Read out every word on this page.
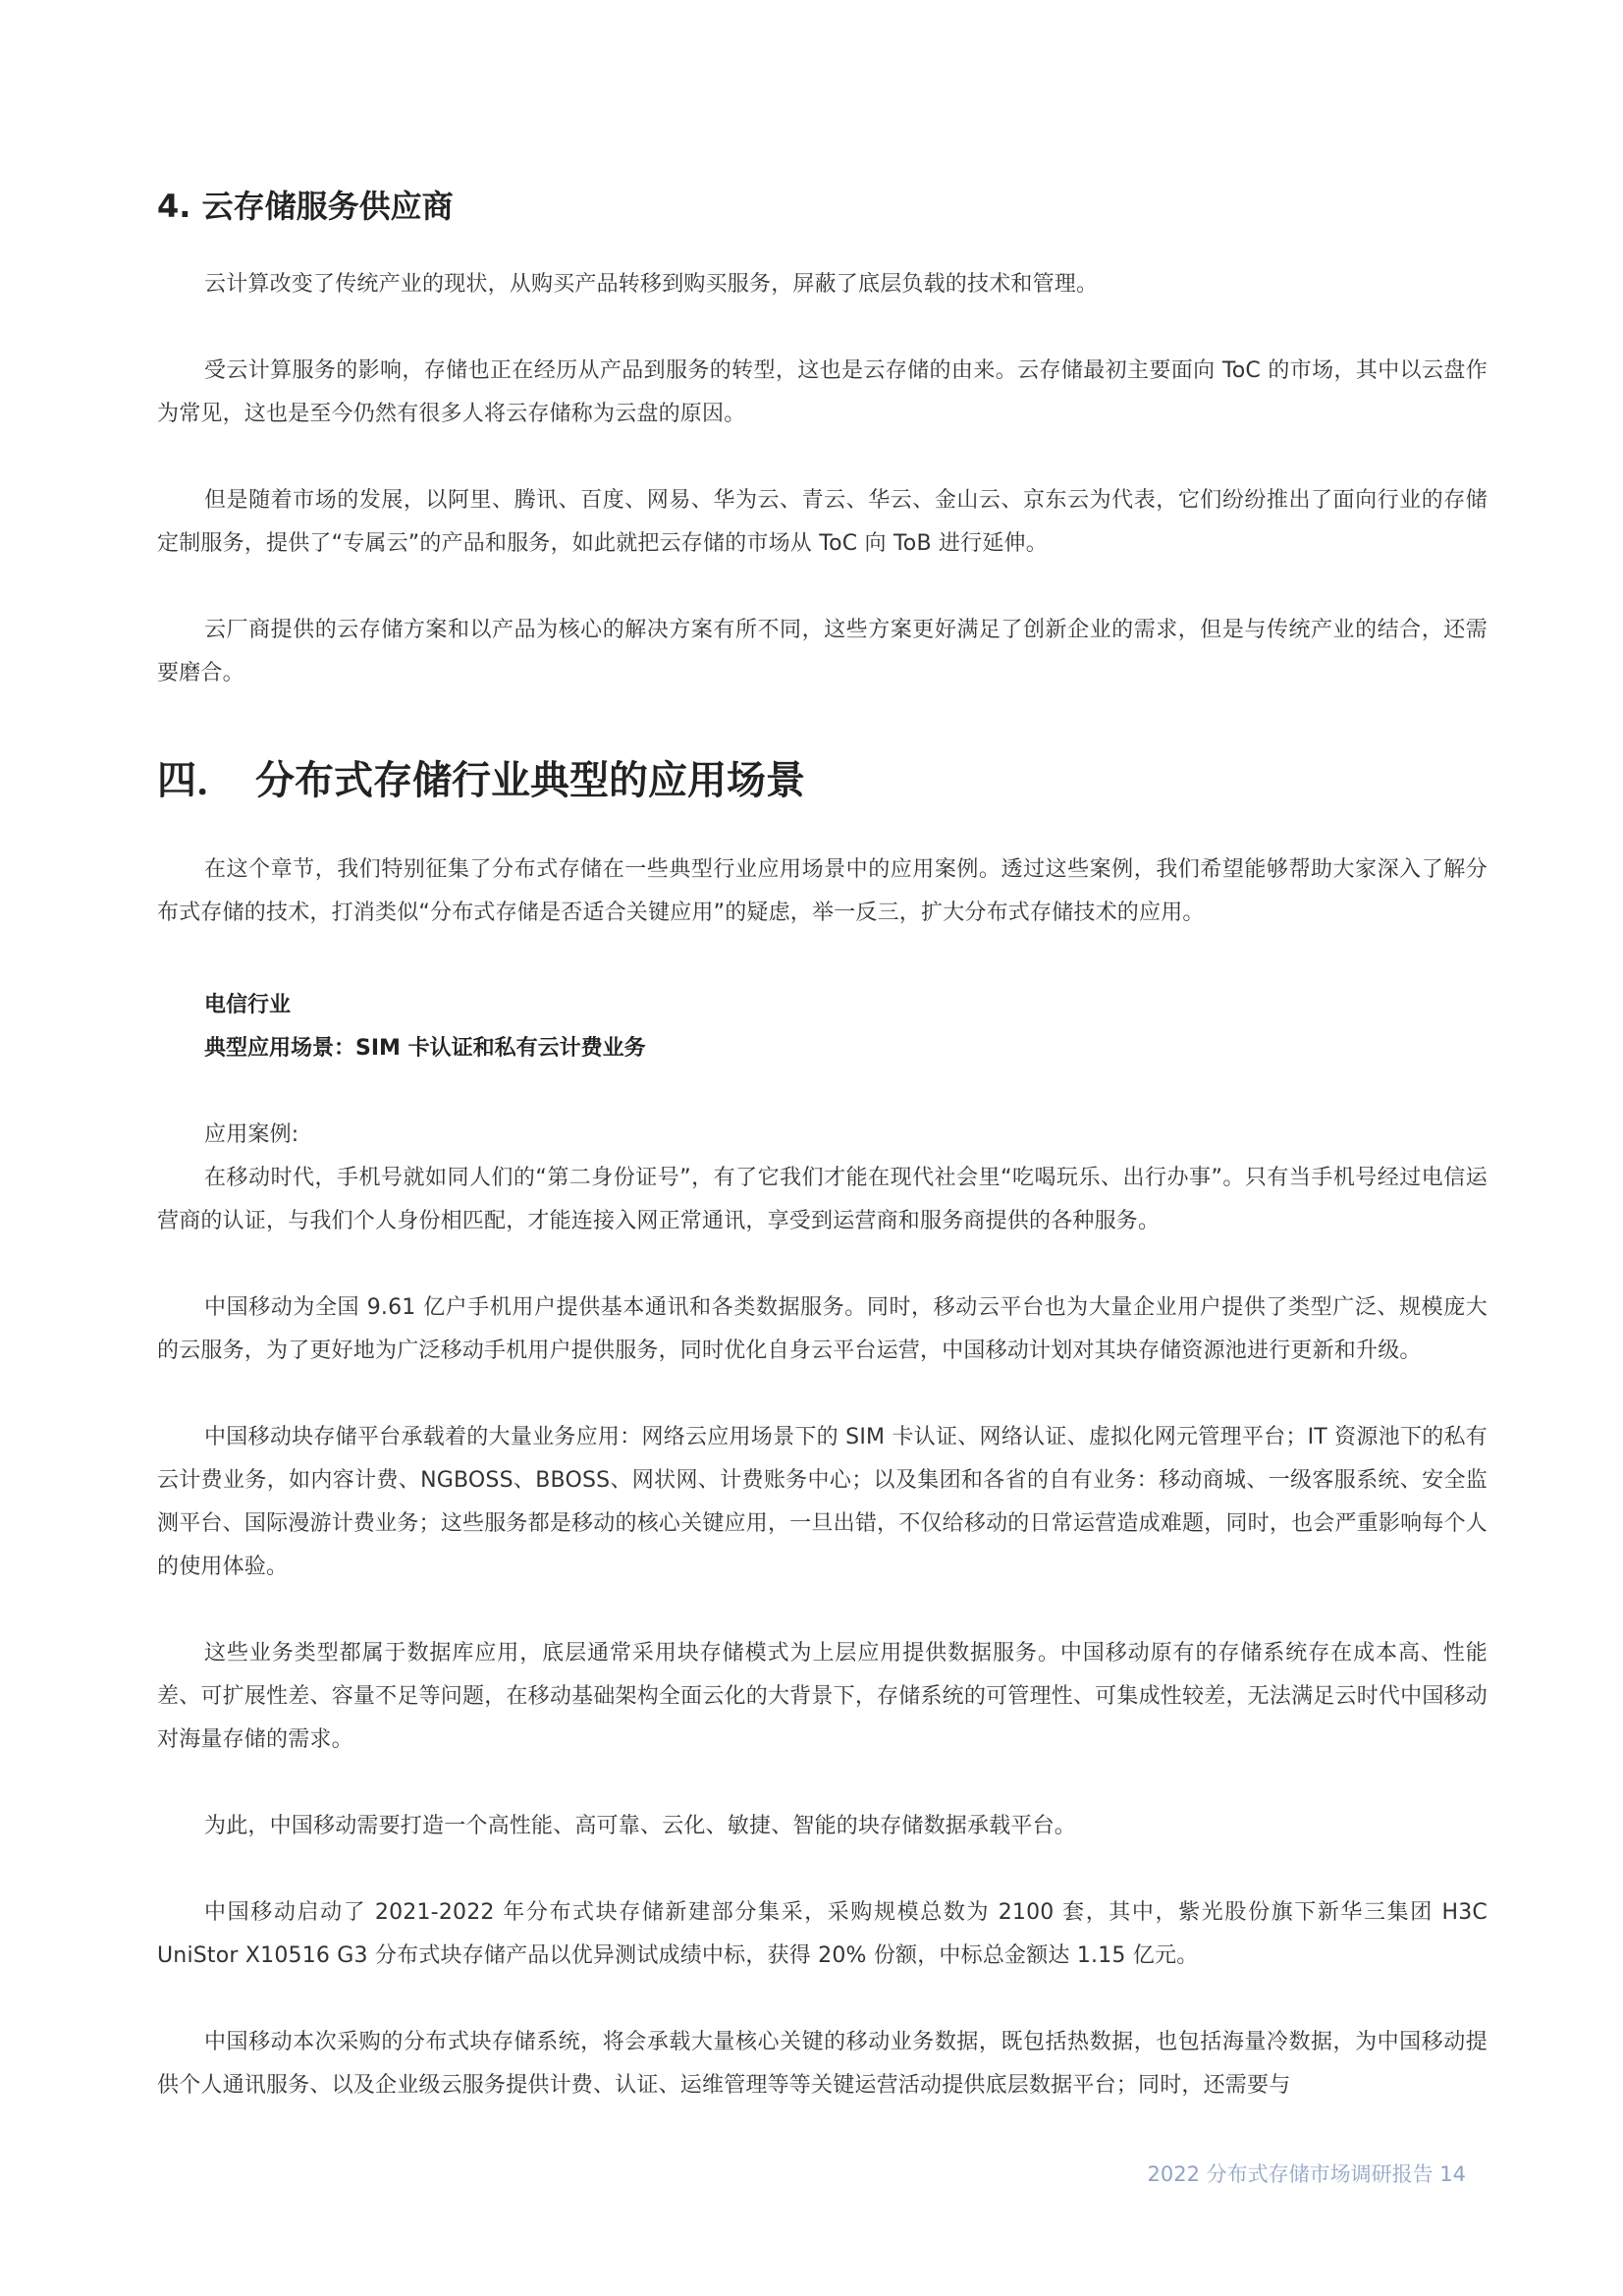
4. 云存储服务供应商

云计算改变了传统产业的现状，从购买产品转移到购买服务，屏蔽了底层负载的技术和管理。

受云计算服务的影响，存储也正在经历从产品到服务的转型，这也是云存储的由来。云存储最初主要面向 ToC 的市场，其中以云盘作为常见，这也是至今仍然有很多人将云存储称为云盘的原因。

但是随着市场的发展，以阿里、腾讯、百度、网易、华为云、青云、华云、金山云、京东云为代表，它们纷纷推出了面向行业的存储定制服务，提供了“专属云”的产品和服务，如此就把云存储的市场从 ToC 向 ToB 进行延伸。

云厂商提供的云存储方案和以产品为核心的解决方案有所不同，这些方案更好满足了创新企业的需求，但是与传统产业的结合，还需要磨合。

四． 分布式存储行业典型的应用场景

在这个章节，我们特别征集了分布式存储在一些典型行业应用场景中的应用案例。透过这些案例，我们希望能够帮助大家深入了解分布式存储的技术，打消类似“分布式存储是否适合关键应用”的疑虑，举一反三，扩大分布式存储技术的应用。

电信行业
典型应用场景：SIM 卡认证和私有云计费业务

应用案例:

在移动时代，手机号就如同人们的“第二身份证号”，有了它我们才能在现代社会里“吃喝玩乐、出行办事”。只有当手机号经过电信运营商的认证，与我们个人身份相匹配，才能连接入网正常通讯，享受到运营商和服务商提供的各种服务。

中国移动为全国 9.61 亿户手机用户提供基本通讯和各类数据服务。同时，移动云平台也为大量企业用户提供了类型广泛、规模庞大的云服务，为了更好地为广泛移动手机用户提供服务，同时优化自身云平台运营，中国移动计划对其块存储资源池进行更新和升级。

中国移动块存储平台承载着的大量业务应用：网络云应用场景下的 SIM 卡认证、网络认证、虚拟化网元管理平台；IT 资源池下的私有云计费业务，如内容计费、NGBOSS、BBOSS、网状网、计费账务中心；以及集团和各省的自有业务：移动商城、一级客服系统、安全监测平台、国际漫游计费业务；这些服务都是移动的核心关键应用，一旦出错，不仅给移动的日常运营造成难题，同时，也会严重影响每个人的使用体验。

这些业务类型都属于数据库应用，底层通常采用块存储模式为上层应用提供数据服务。中国移动原有的存储系统存在成本高、性能差、可扩展性差、容量不足等问题，在移动基础架构全面云化的大背景下，存储系统的可管理性、可集成性较差，无法满足云时代中国移动对海量存储的需求。

为此，中国移动需要打造一个高性能、高可靠、云化、敏捷、智能的块存储数据承载平台。

中国移动启动了 2021-2022 年分布式块存储新建部分集采，采购规模总数为 2100 套，其中，紫光股份旗下新华三集团 H3C UniStor X10516 G3 分布式块存储产品以优异测试成绩中标，获得 20% 份额，中标总金额达 1.15 亿元。

中国移动本次采购的分布式块存储系统，将会承载大量核心关键的移动业务数据，既包括热数据，也包括海量冷数据，为中国移动提供个人通讯服务、以及企业级云服务提供计费、认证、运维管理等等关键运营活动提供底层数据平台；同时，还需要与

2022 分布式存储市场调研报告 14
